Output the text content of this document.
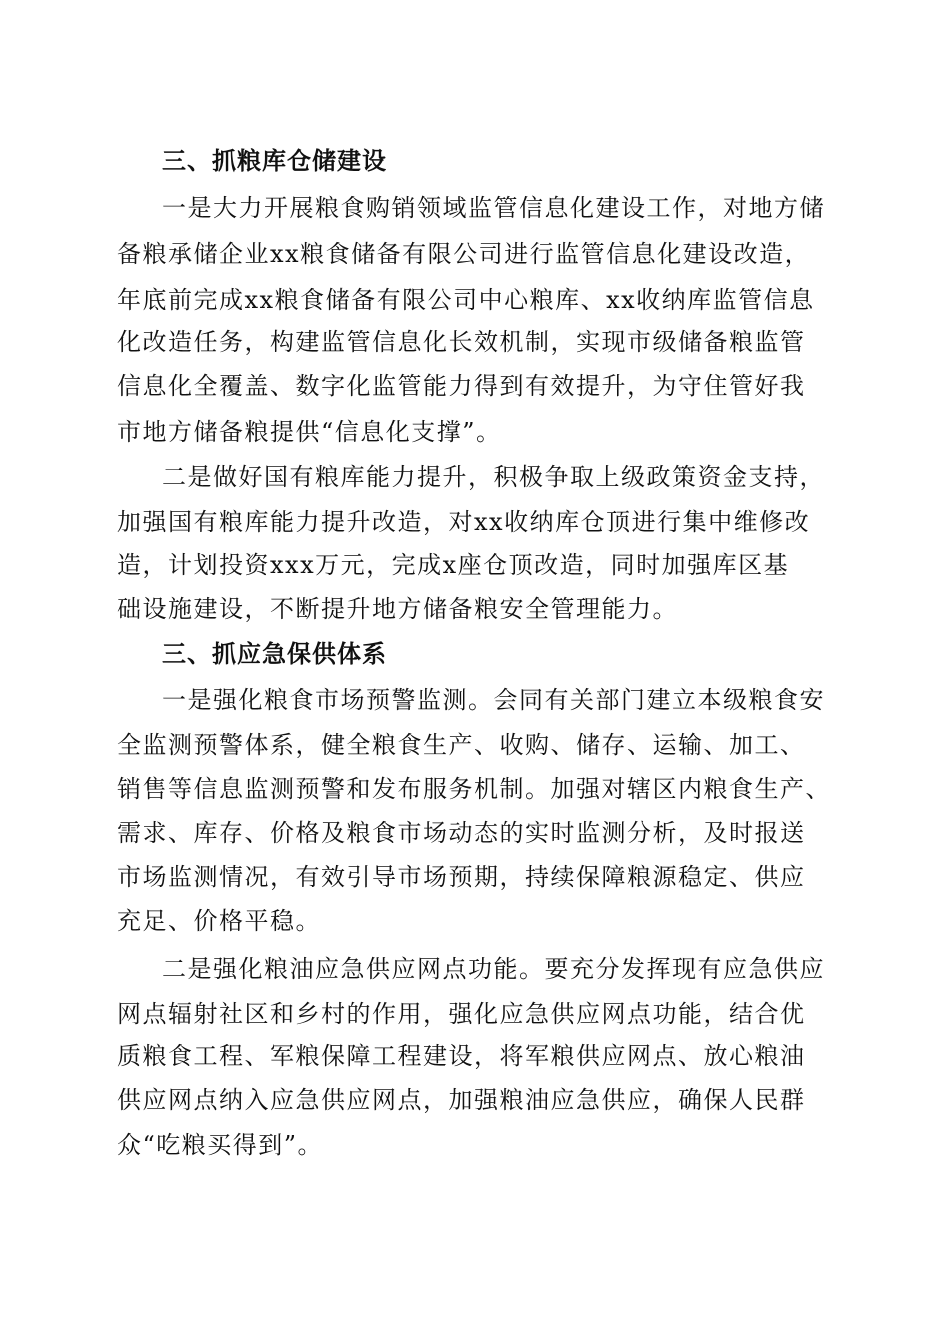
三、抓粮库仓储建设
一是大力开展粮食购销领域监管信息化建设工作，对地方储
备粮承储企业xx粮食储备有限公司进行监管信息化建设改造，
年底前完成xx粮食储备有限公司中心粮库、xx收纳库监管信息
化改造任务，构建监管信息化长效机制，实现市级储备粮监管
信息化全覆盖、数字化监管能力得到有效提升，为守住管好我
市地方储备粮提供“信息化支撑”。
二是做好国有粮库能力提升，积极争取上级政策资金支持，
加强国有粮库能力提升改造，对xx收纳库仓顶进行集中维修改
造，计划投资xxx万元，完成x座仓顶改造，同时加强库区基
础设施建设，不断提升地方储备粮安全管理能力。
三、抓应急保供体系
一是强化粮食市场预警监测。会同有关部门建立本级粮食安
全监测预警体系，健全粮食生产、收购、储存、运输、加工、
销售等信息监测预警和发布服务机制。加强对辖区内粮食生产、
需求、库存、价格及粮食市场动态的实时监测分析，及时报送
市场监测情况，有效引导市场预期，持续保障粮源稳定、供应
充足、价格平稳。
二是强化粮油应急供应网点功能。要充分发挥现有应急供应
网点辐射社区和乡村的作用，强化应急供应网点功能，结合优
质粮食工程、军粮保障工程建设，将军粮供应网点、放心粮油
供应网点纳入应急供应网点，加强粮油应急供应，确保人民群
众“吃粮买得到”。
